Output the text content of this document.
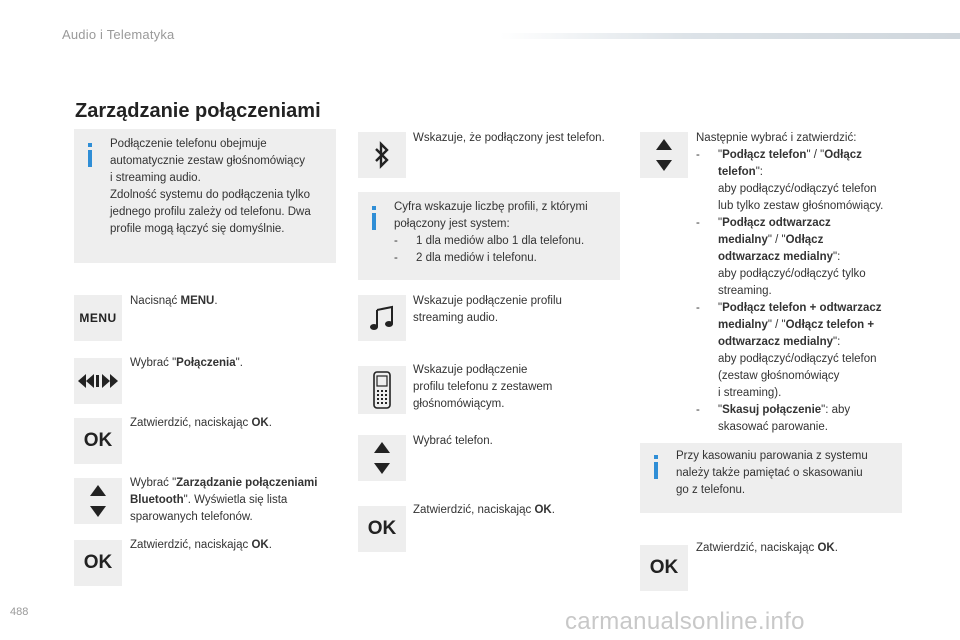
Audio i Telematyka
Zarządzanie połączeniami
Podłączenie telefonu obejmuje
automatycznie zestaw głośnomówiący
i streaming audio.
Zdolność systemu do podłączenia tylko
jednego profilu zależy od telefonu. Dwa
profile mogą łączyć się domyślnie.
MENU
Nacisnąć MENU.
Wybrać "Połączenia".
OK
Zatwierdzić, naciskając OK.
Wybrać "Zarządzanie połączeniami
Bluetooth". Wyświetla się lista
sparowanych telefonów.
OK
Zatwierdzić, naciskając OK.
Wskazuje, że podłączony jest telefon.
Cyfra wskazuje liczbę profili, z którymi
połączony jest system:
-	1 dla mediów albo 1 dla telefonu.
-	2 dla mediów i telefonu.
Wskazuje podłączenie profilu
streaming audio.
Wskazuje podłączenie
profilu telefonu z zestawem
głośnomówiącym.
Wybrać telefon.
OK
Zatwierdzić, naciskając OK.
Następnie wybrać i zatwierdzić:
-	"Podłącz telefon" / "Odłącz
telefon":
aby podłączyć/odłączyć telefon
lub tylko zestaw głośnomówiący.
-	"Podłącz odtwarzacz
medialny" / "Odłącz
odtwarzacz medialny":
aby podłączyć/odłączyć tylko
streaming.
-	"Podłącz telefon + odtwarzacz
medialny" / "Odłącz telefon +
odtwarzacz medialny":
aby podłączyć/odłączyć telefon
(zestaw głośnomówiący
i streaming).
-	"Skasuj połączenie": aby
skasować parowanie.
Przy kasowaniu parowania z systemu
należy także pamiętać o skasowaniu
go z telefonu.
OK
Zatwierdzić, naciskając OK.
488	carmanualsonline.info
